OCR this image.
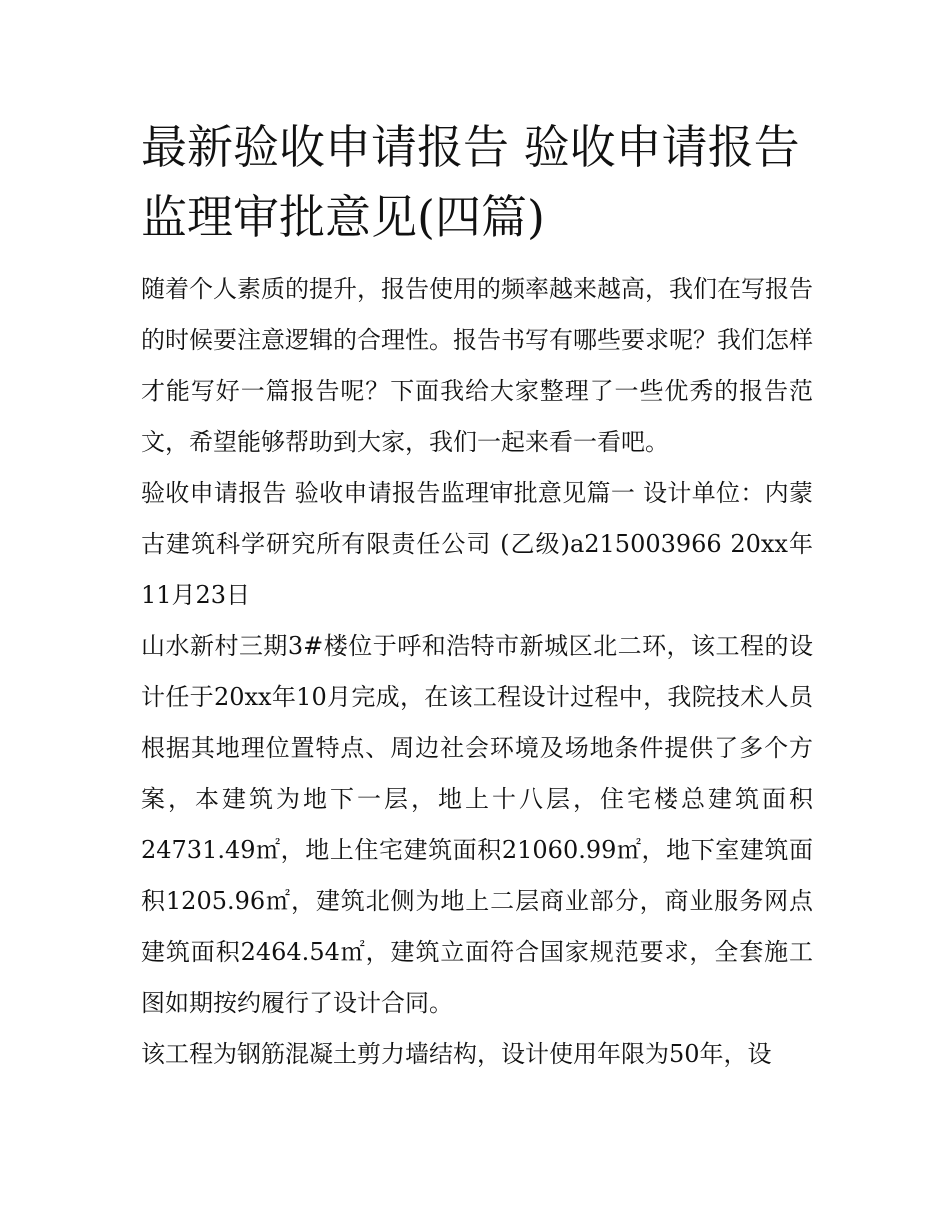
最新验收申请报告 验收申请报告监理审批意见(四篇)

随着个人素质的提升，报告使用的频率越来越高，我们在写报告的时候要注意逻辑的合理性。报告书写有哪些要求呢？我们怎样才能写好一篇报告呢？下面我给大家整理了一些优秀的报告范文，希望能够帮助到大家，我们一起来看一看吧。

验收申请报告 验收申请报告监理审批意见篇一 设计单位：内蒙古建筑科学研究所有限责任公司 (乙级)a215003966 20xx年11月23日

山水新村三期3#楼位于呼和浩特市新城区北二环，该工程的设计任于20xx年10月完成，在该工程设计过程中，我院技术人员根据其地理位置特点、周边社会环境及场地条件提供了多个方案，本建筑为地下一层，地上十八层，住宅楼总建筑面积24731.49㎡，地上住宅建筑面积21060.99㎡，地下室建筑面积1205.96㎡，建筑北侧为地上二层商业部分，商业服务网点建筑面积2464.54㎡，建筑立面符合国家规范要求，全套施工图如期按约履行了设计合同。

该工程为钢筋混凝土剪力墙结构，设计使用年限为50年，设
